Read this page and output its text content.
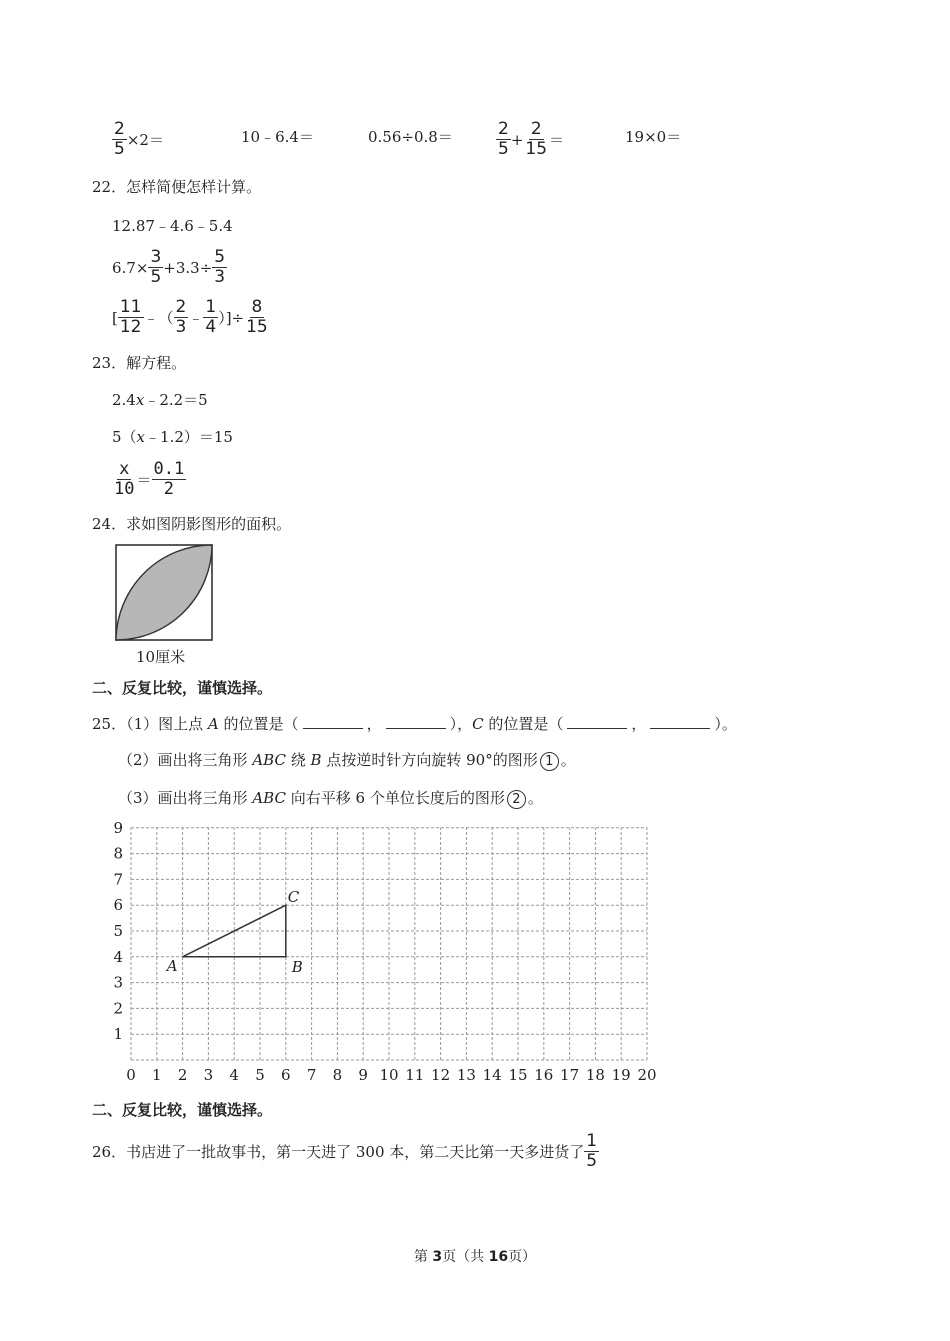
$\frac{2}{5} \times 2=$	10﹣6.4＝	0.56÷0.8＝	$\frac{2}{5} + \frac{2}{15}$ ＝	19×0＝
22．怎样简便怎样计算。
12.87﹣4.6﹣5.4
$6.7\times \frac{3}{5} +3.3\div \frac{5}{3}$
[ $\frac{11}{12}$ ﹣（ $\frac{2}{3}$ ﹣ $\frac{1}{4}$ ）]÷ $\frac{8}{15}$
23．解方程。
2.4x﹣2.2＝5
5（x﹣1.2）＝15
$\frac{x}{10} = \frac{0.1}{2}$
24．求如图阴影图形的面积。
10厘米
二、反复比较，谨慎选择。
25．（1）图上点 A 的位置是（	，	），C 的位置是（	，	）。
（2）画出将三角形 ABC 绕 B 点按逆时针方向旋转 90°的图形 1 。
（3）画出将三角形 ABC 向右平移 6 个单位长度后的图形 2 。
0 1 2 3 4 5 6 7 8 9 10 11 12 13 14 15 16 17 18 19 20
1
2
3
4
5
6
7
8
9
A	B
C
二、反复比较，谨慎选择。
26．书店进了一批故事书，第一天进了 300 本，第二天比第一天多进货了 $\frac{1}{5}$
第 3页（共 16页）
